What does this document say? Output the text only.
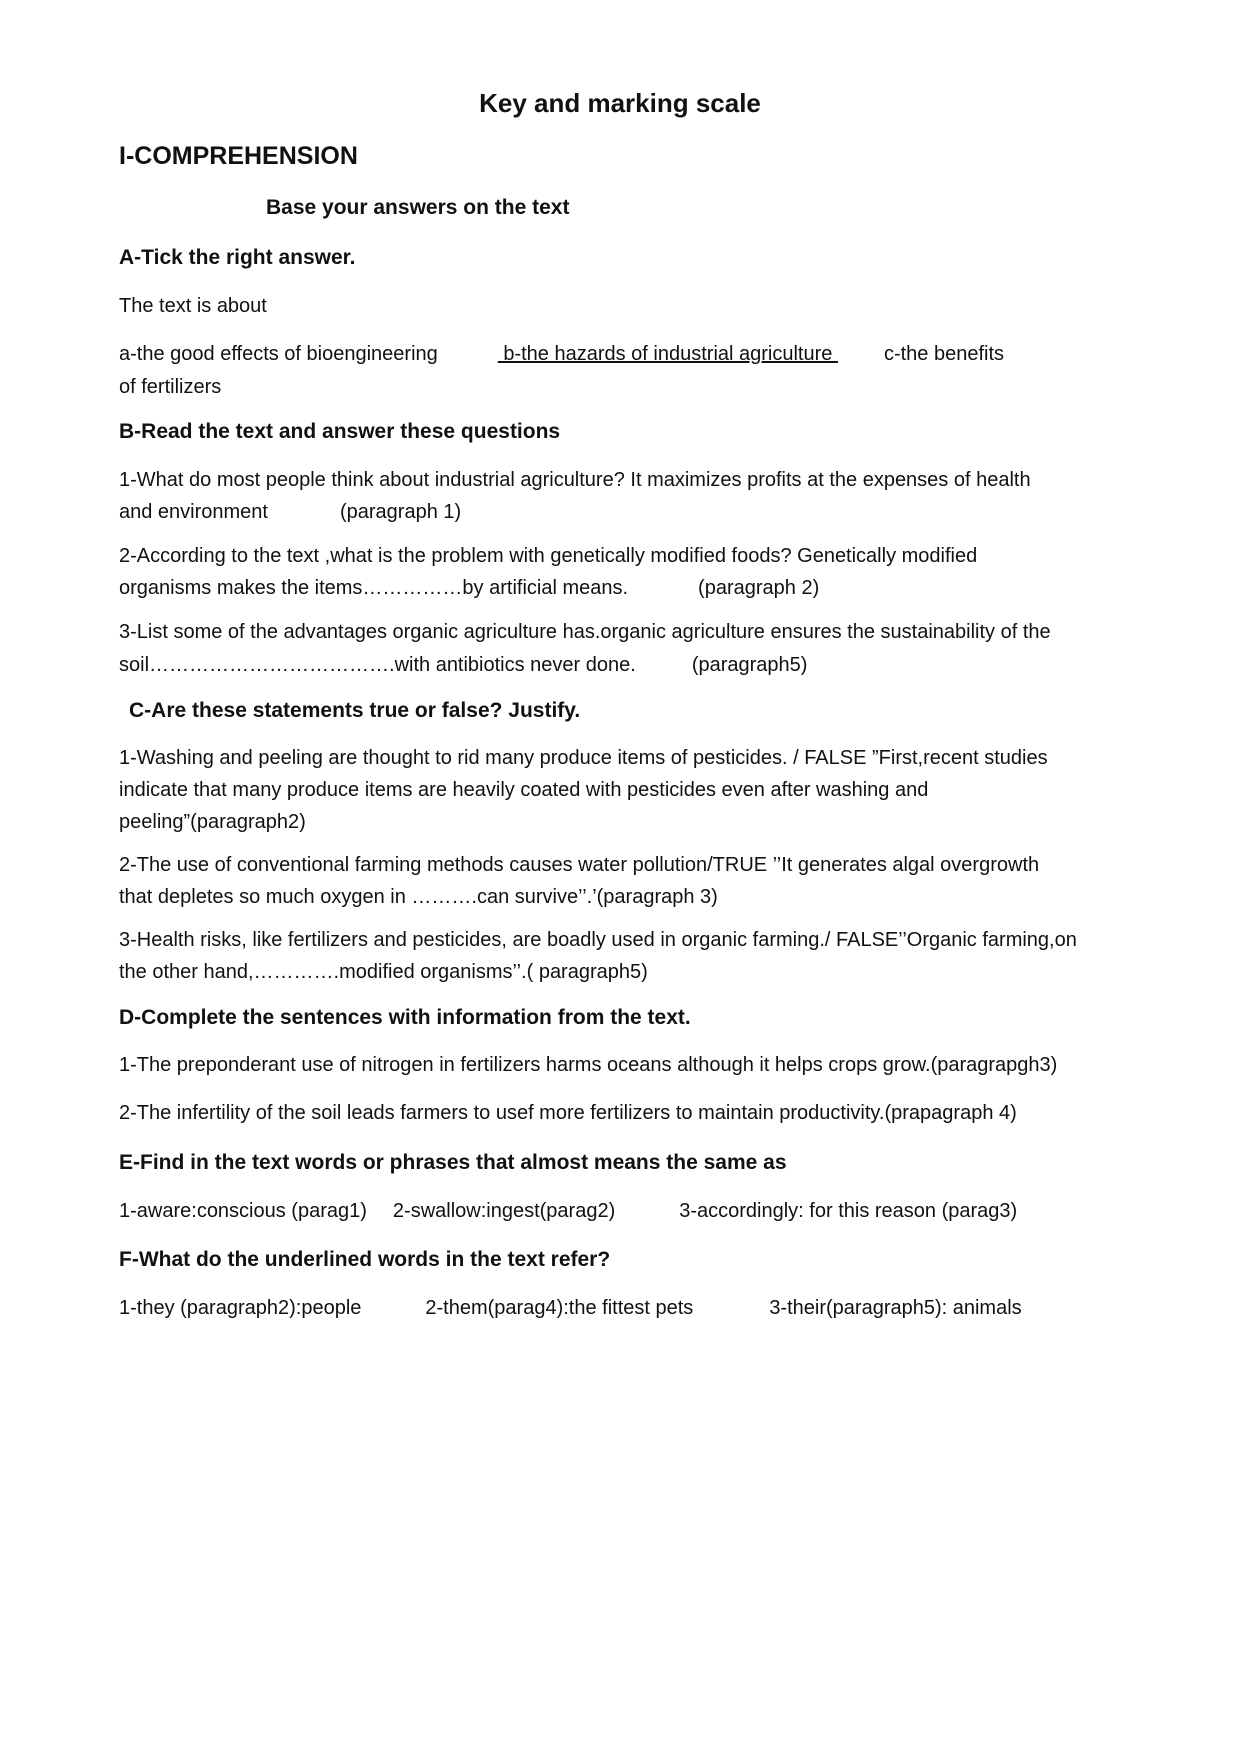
Key and marking scale
I-COMPREHENSION
Base your answers on the text
A-Tick the right answer.
The text is about
a-the good effects of bioengineering	b-the hazards of industrial agriculture c-the benefits
of fertilizers
B-Read the text and answer these questions
1-What do most people think about industrial agriculture? It maximizes profits at the expenses of health
and environment	(paragraph 1)
2-According to the text ,what is the problem with genetically modified foods? Genetically modified
organisms makes the items……………by artificial means.	(paragraph 2)
3-List some of the advantages organic agriculture has.organic agriculture ensures the sustainability of the
soil……………………………….with antibiotics never done.	(paragraph5)
C-Are these statements true or false? Justify.
1-Washing and peeling are thought to rid many produce items of pesticides. / FALSE ”First,recent studies
indicate that many produce items are heavily coated with pesticides even after washing and
peeling”(paragraph2)
2-The use of conventional farming methods causes water pollution/TRUE ’’It generates algal overgrowth
that depletes so much oxygen in ……….can survive’’.’(paragraph 3)
3-Health risks, like fertilizers and pesticides, are boadly used in organic farming./ FALSE’’Organic farming,on
the other hand,………….modified organisms’’.( paragraph5)
D-Complete the sentences with information from the text.
1-The preponderant use of nitrogen in fertilizers harms oceans although it helps crops grow.(paragrapgh3)
2-The infertility of the soil leads farmers to usef more fertilizers to maintain productivity.(prараgraph 4)
E-Find in the text words or phrases that almost means the same as
1-aware:conscious (parag1) 2-swallow:ingest(parag2)	3-accordingly: for this reason (parag3)
F-What do the underlined words in the text refer?
1-they (paragraph2):people	2-them(parag4):the fittest pets	3-their(paragraph5): animals
